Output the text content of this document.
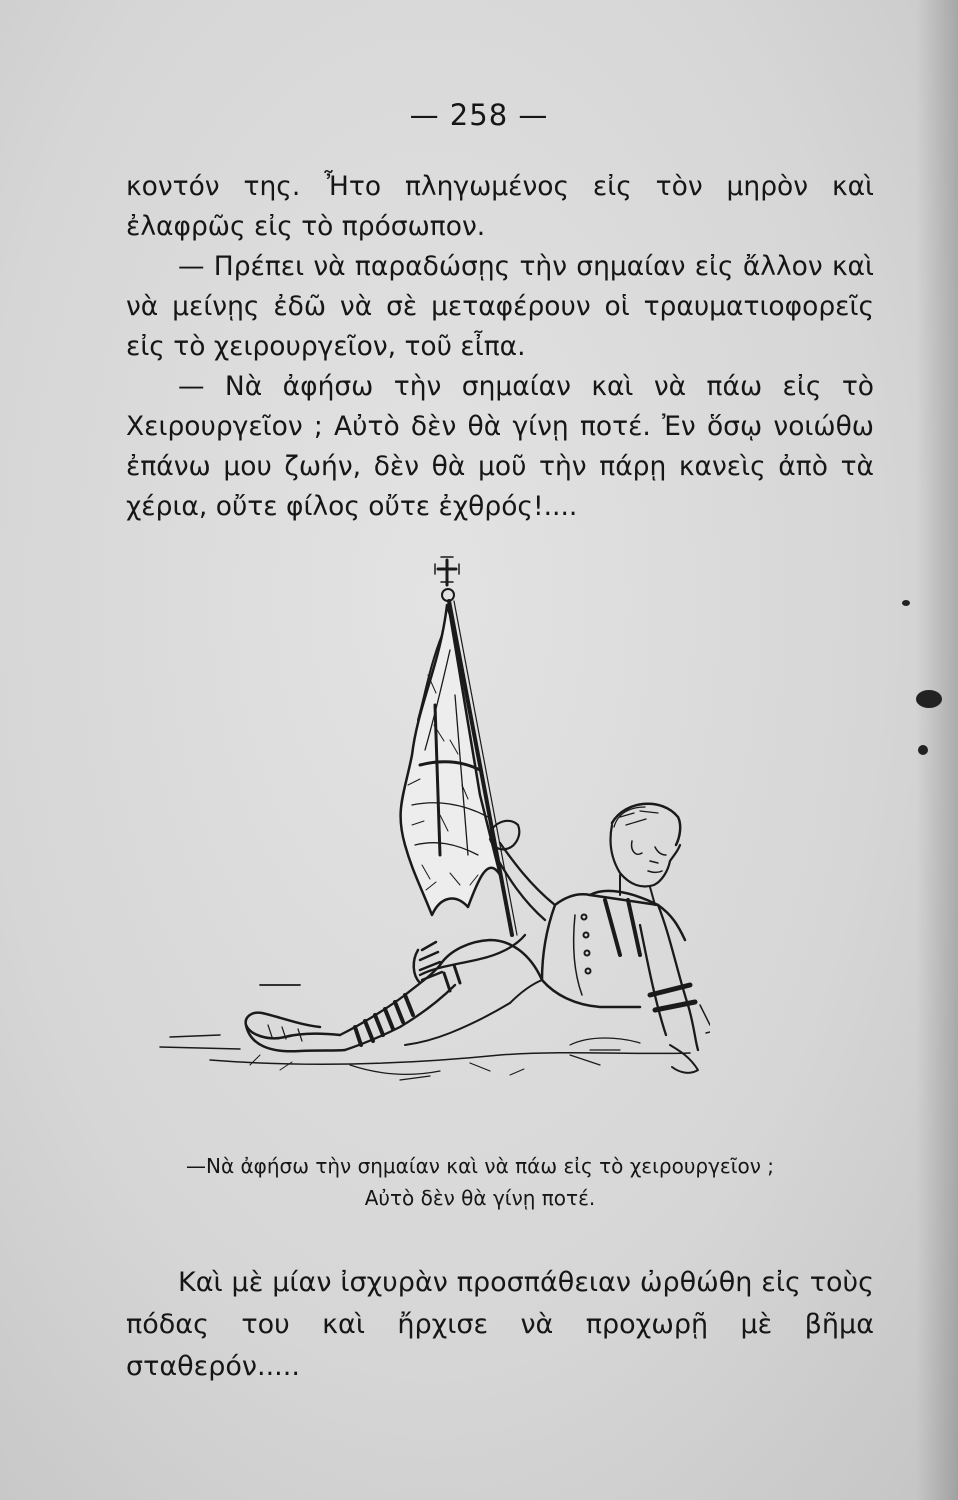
— 258 —

κοντόν της. Ἦτο πληγωμένος εἰς τὸν μηρὸν καὶ ἐλαφρῶς εἰς τὸ πρόσωπον.

— Πρέπει νὰ παραδώσῃς τὴν σημαίαν εἰς ἄλλον καὶ νὰ μείνῃς ἐδῶ νὰ σὲ μεταφέρουν οἱ τραυματιοφορεῖς εἰς τὸ χειρουργεῖον, τοῦ εἶπα.

— Νὰ ἀφήσω τὴν σημαίαν καὶ νὰ πάω εἰς τὸ Χειρουργεῖον ; Αὐτὸ δὲν θὰ γίνῃ ποτέ. Ἐν ὅσῳ νοιώθω ἐπάνω μου ζωήν, δὲν θὰ μοῦ τὴν πάρῃ κανεὶς ἀπὸ τὰ χέρια, οὔτε φίλος οὔτε ἐχθρός!....

—Νὰ ἀφήσω τὴν σημαίαν καὶ νὰ πάω εἰς τὸ χειρουργεῖον ;
Αὐτὸ δὲν θὰ γίνῃ ποτέ.

Καὶ μὲ μίαν ἰσχυρὰν προσπάθειαν ὠρθώθη εἰς τοὺς πόδας του καὶ ἤρχισε νὰ προχωρῇ μὲ βῆμα σταθερόν.....
